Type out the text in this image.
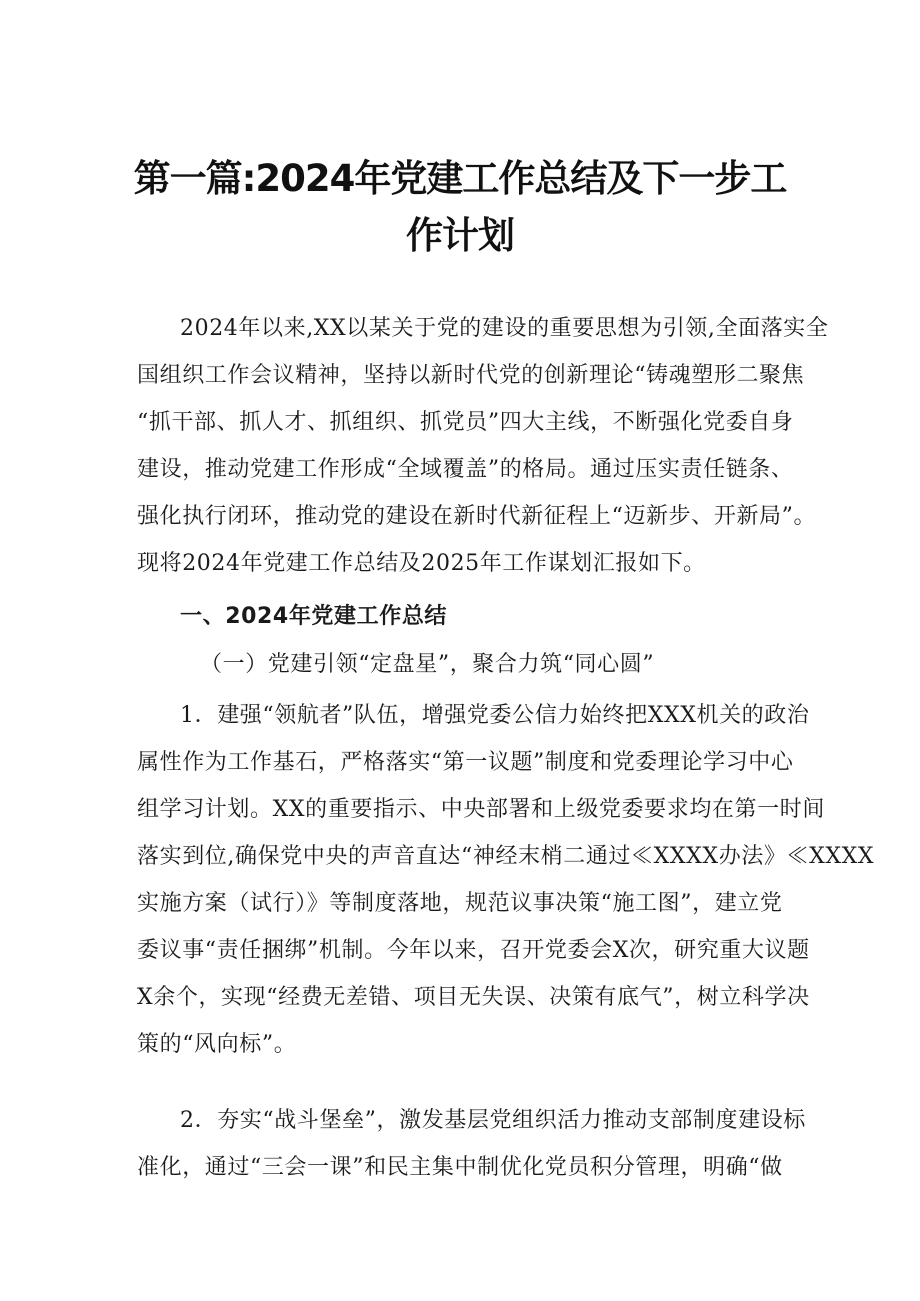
第一篇:2024年党建工作总结及下一步工
作计划
2024年以来,XX以某关于党的建设的重要思想为引领,全面落实全
国组织工作会议精神，坚持以新时代党的创新理论“铸魂塑形二聚焦
“抓干部、抓人才、抓组织、抓党员”四大主线，不断强化党委自身
建设，推动党建工作形成“全域覆盖”的格局。通过压实责任链条、
强化执行闭环，推动党的建设在新时代新征程上“迈新步、开新局”。
现将2024年党建工作总结及2025年工作谋划汇报如下。
一、2024年党建工作总结
（一）党建引领“定盘星”，聚合力筑“同心圆”
1．建强“领航者”队伍，增强党委公信力始终把XXX机关的政治
属性作为工作基石，严格落实“第一议题”制度和党委理论学习中心
组学习计划。XX的重要指示、中央部署和上级党委要求均在第一时间
落实到位,确保党中央的声音直达“神经末梢二通过≪XXXX办法》≪XXXX
实施方案（试行）》等制度落地，规范议事决策“施工图”，建立党
委议事“责任捆绑”机制。今年以来，召开党委会X次，研究重大议题
X余个，实现“经费无差错、项目无失误、决策有底气”，树立科学决
策的“风向标”。
2．夯实“战斗堡垒”，激发基层党组织活力推动支部制度建设标
准化，通过“三会一课”和民主集中制优化党员积分管理，明确“做
